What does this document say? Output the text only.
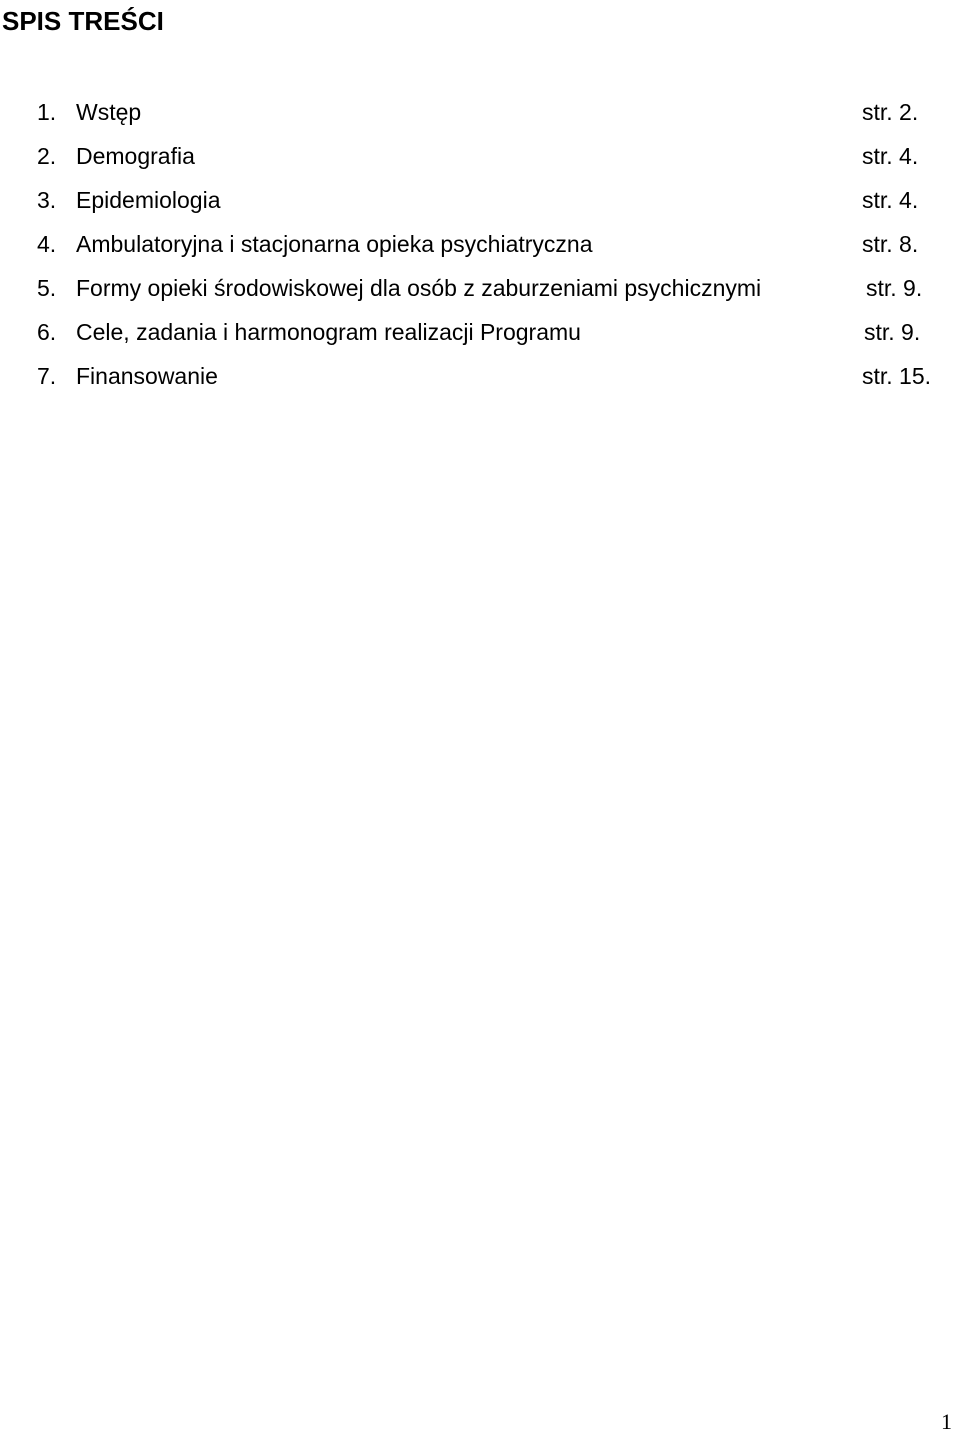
SPIS TREŚCI
1. Wstęp	str. 2.
2. Demografia	str. 4.
3. Epidemiologia	str. 4.
4. Ambulatoryjna i stacjonarna opieka psychiatryczna	str. 8.
5. Formy opieki środowiskowej dla osób z zaburzeniami psychicznymi	str. 9.
6. Cele, zadania i harmonogram realizacji Programu	str. 9.
7. Finansowanie	str. 15.
1
